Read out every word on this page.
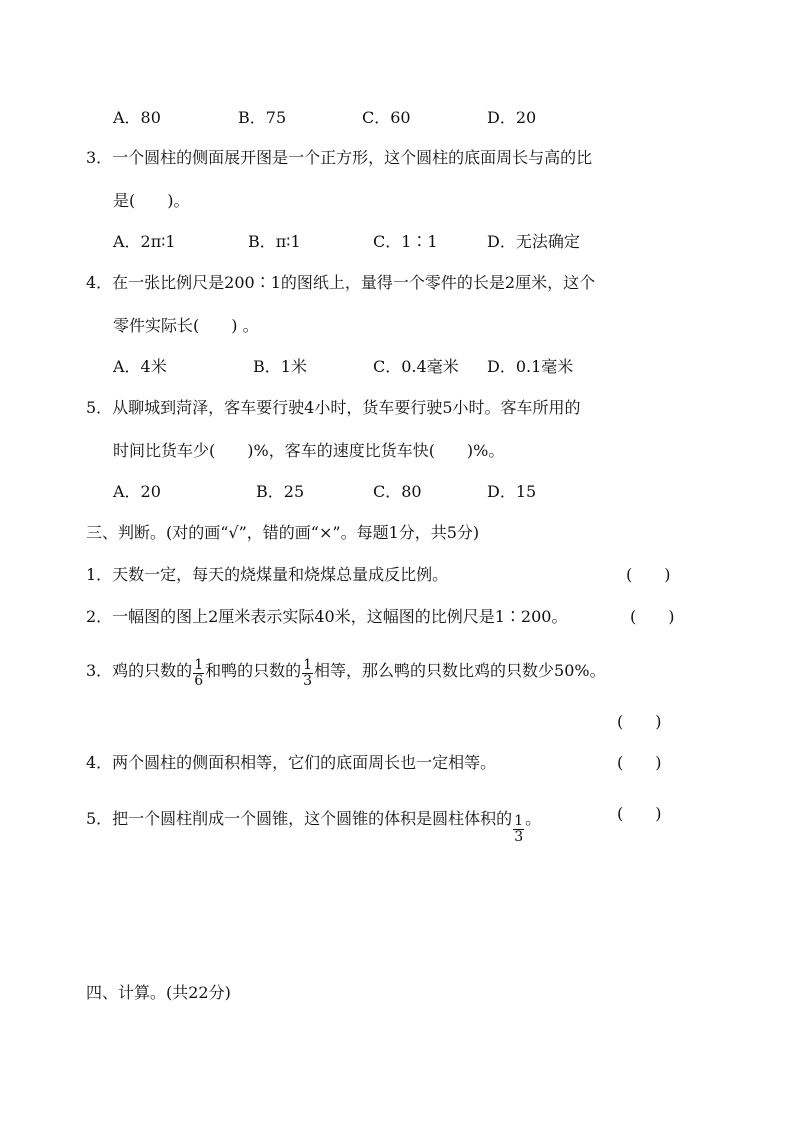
A．80	B．75	C．60	D．20
3．一个圆柱的侧面展开图是一个正方形，这个圆柱的底面周长与高的比
是(　　)。
A．2π∶1	B．π∶1	C．1∶1	D．无法确定
4．在一张比例尺是200∶1的图纸上，量得一个零件的长是2厘米，这个
零件实际长(　　) 。
A．4米	B．1米	C．0.4毫米 D．0.1毫米
5．从聊城到菏泽，客车要行驶4小时，货车要行驶5小时。客车所用的
时间比货车少(　　)%，客车的速度比货车快(　　)%。
A．20	B．25	C．80	D．15
三、判断。(对的画“√”，错的画“×”。每题1分，共5分)
1．天数一定，每天的烧煤量和烧煤总量成反比例。	(　　)
2．一幅图的图上2厘米表示实际40米，这幅图的比例尺是1∶200。	(　　)
3．鸡的只数的 $\frac{1}{6}$ 和鸭的只数的 $\frac{1}{3}$ 相等，那么鸭的只数比鸡的只数少50%。
(　　)
4．两个圆柱的侧面积相等，它们的底面周长也一定相等。	(　　)
5．把一个圆柱削成一个圆锥，这个圆锥的体积是圆柱体积的 $\frac{1}{3}$ 。	(　　)
四、计算。(共22分)
